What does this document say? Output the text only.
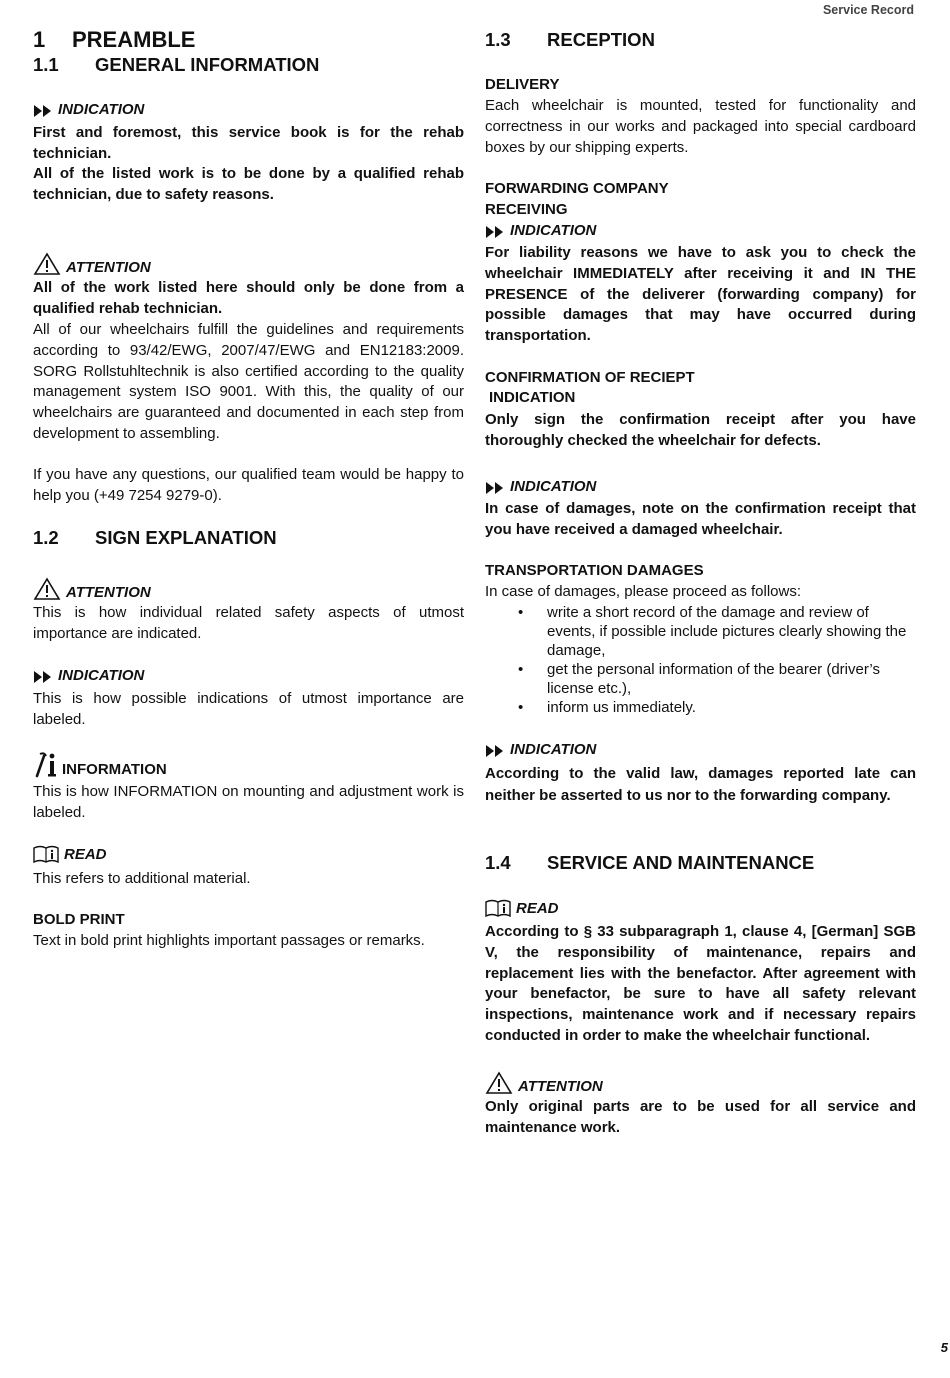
Service Record
1 PREAMBLE
1.1 GENERAL INFORMATION
INDICATION
First and foremost, this service book is for the rehab technician.
All of the listed work is to be done by a qualified rehab technician, due to safety reasons.
ATTENTION
All of the work listed here should only be done from a qualified rehab technician.
All of our wheelchairs fulfill the guidelines and requirements according to 93/42/EWG, 2007/47/EWG and EN12183:2009. SORG Rollstuhltechnik is also certified according to the quality management system ISO 9001. With this, the quality of our wheelchairs are guaranteed and documented in each step from development to assembling.
If you have any questions, our qualified team would be happy to help you (+49 7254 9279-0).
1.2 SIGN EXPLANATION
ATTENTION
This is how individual related safety aspects of utmost importance are indicated.
INDICATION
This is how possible indications of utmost importance are labeled.
INFORMATION
This is how INFORMATION on mounting and adjustment work is labeled.
READ
This refers to additional material.
BOLD PRINT
Text in bold print highlights important passages or remarks.
1.3 RECEPTION
DELIVERY
Each wheelchair is mounted, tested for functionality and correctness in our works and packaged into special cardboard boxes by our shipping experts.
FORWARDING COMPANY
RECEIVING
INDICATION
For liability reasons we have to ask you to check the wheelchair IMMEDIATELY after receiving it and IN THE PRESENCE of the deliverer (forwarding company) for possible damages that may have occurred during transportation.
CONFIRMATION OF RECIEPT
INDICATION
Only sign the confirmation receipt after you have thoroughly checked the wheelchair for defects.
INDICATION
In case of damages, note on the confirmation receipt that you have received a damaged wheelchair.
TRANSPORTATION DAMAGES
In case of damages, please proceed as follows:
• write a short record of the damage and review of events, if possible include pictures clearly showing the damage,
• get the personal information of the bearer (driver’s license etc.),
• inform us immediately.
INDICATION
According to the valid law, damages reported late can neither be asserted to us nor to the forwarding company.
1.4 SERVICE AND MAINTENANCE
READ
According to § 33 subparagraph 1, clause 4, [German] SGB V, the responsibility of maintenance, repairs and replacement lies with the benefactor. After agreement with your benefactor, be sure to have all safety relevant inspections, maintenance work and if necessary repairs conducted in order to make the wheelchair functional.
ATTENTION
Only original parts are to be used for all service and maintenance work.
5
